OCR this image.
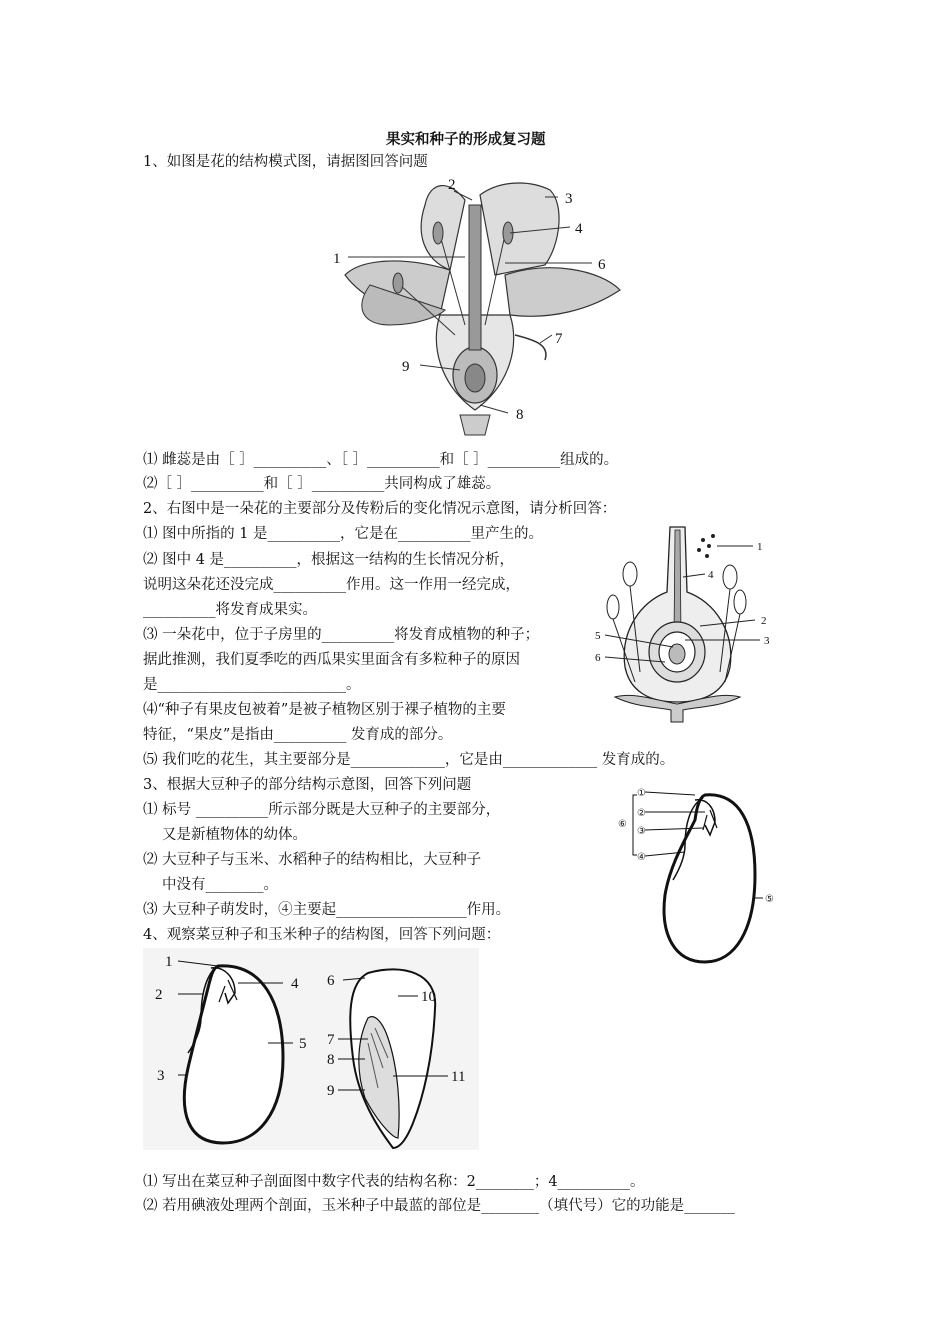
果实和种子的形成复习题
1、如图是花的结构模式图，请据图回答问题
1
2
3
4
6
7
8
9
⑴ 雌蕊是由［ ］__________、［ ］__________和［ ］__________组成的。
⑵［ ］__________和［ ］__________共同构成了雄蕊。
2、右图中是一朵花的主要部分及传粉后的变化情况示意图，请分析回答：
⑴ 图中所指的 1 是__________，它是在__________里产生的。
⑵ 图中 4 是__________，根据这一结构的生长情况分析，
说明这朵花还没完成__________作用。这一作用一经完成，
__________将发育成果实。
⑶ 一朵花中，位于子房里的__________将发育成植物的种子；
据此推测，我们夏季吃的西瓜果实里面含有多粒种子的原因
是__________________________。
⑷“种子有果皮包被着”是被子植物区别于裸子植物的主要
特征，“果皮”是指由__________ 发育成的部分。
⑸ 我们吃的花生，其主要部分是_____________，它是由_____________ 发育成的。
1
2
3
4
5
6
3、根据大豆种子的部分结构示意图，回答下列问题
⑴ 标号 __________所示部分既是大豆种子的主要部分，
又是新植物体的幼体。
⑵ 大豆种子与玉米、水稻种子的结构相比，大豆种子
中没有________。
⑶ 大豆种子萌发时，④主要起__________________作用。
①
②
③
④
⑤
⑥
4、观察菜豆种子和玉米种子的结构图，回答下列问题：
1
2
3
4
5
6
7
8
9
10
11
⑴ 写出在菜豆种子剖面图中数字代表的结构名称：2________；4__________。
⑵ 若用碘液处理两个剖面，玉米种子中最蓝的部位是________（填代号）它的功能是_______
